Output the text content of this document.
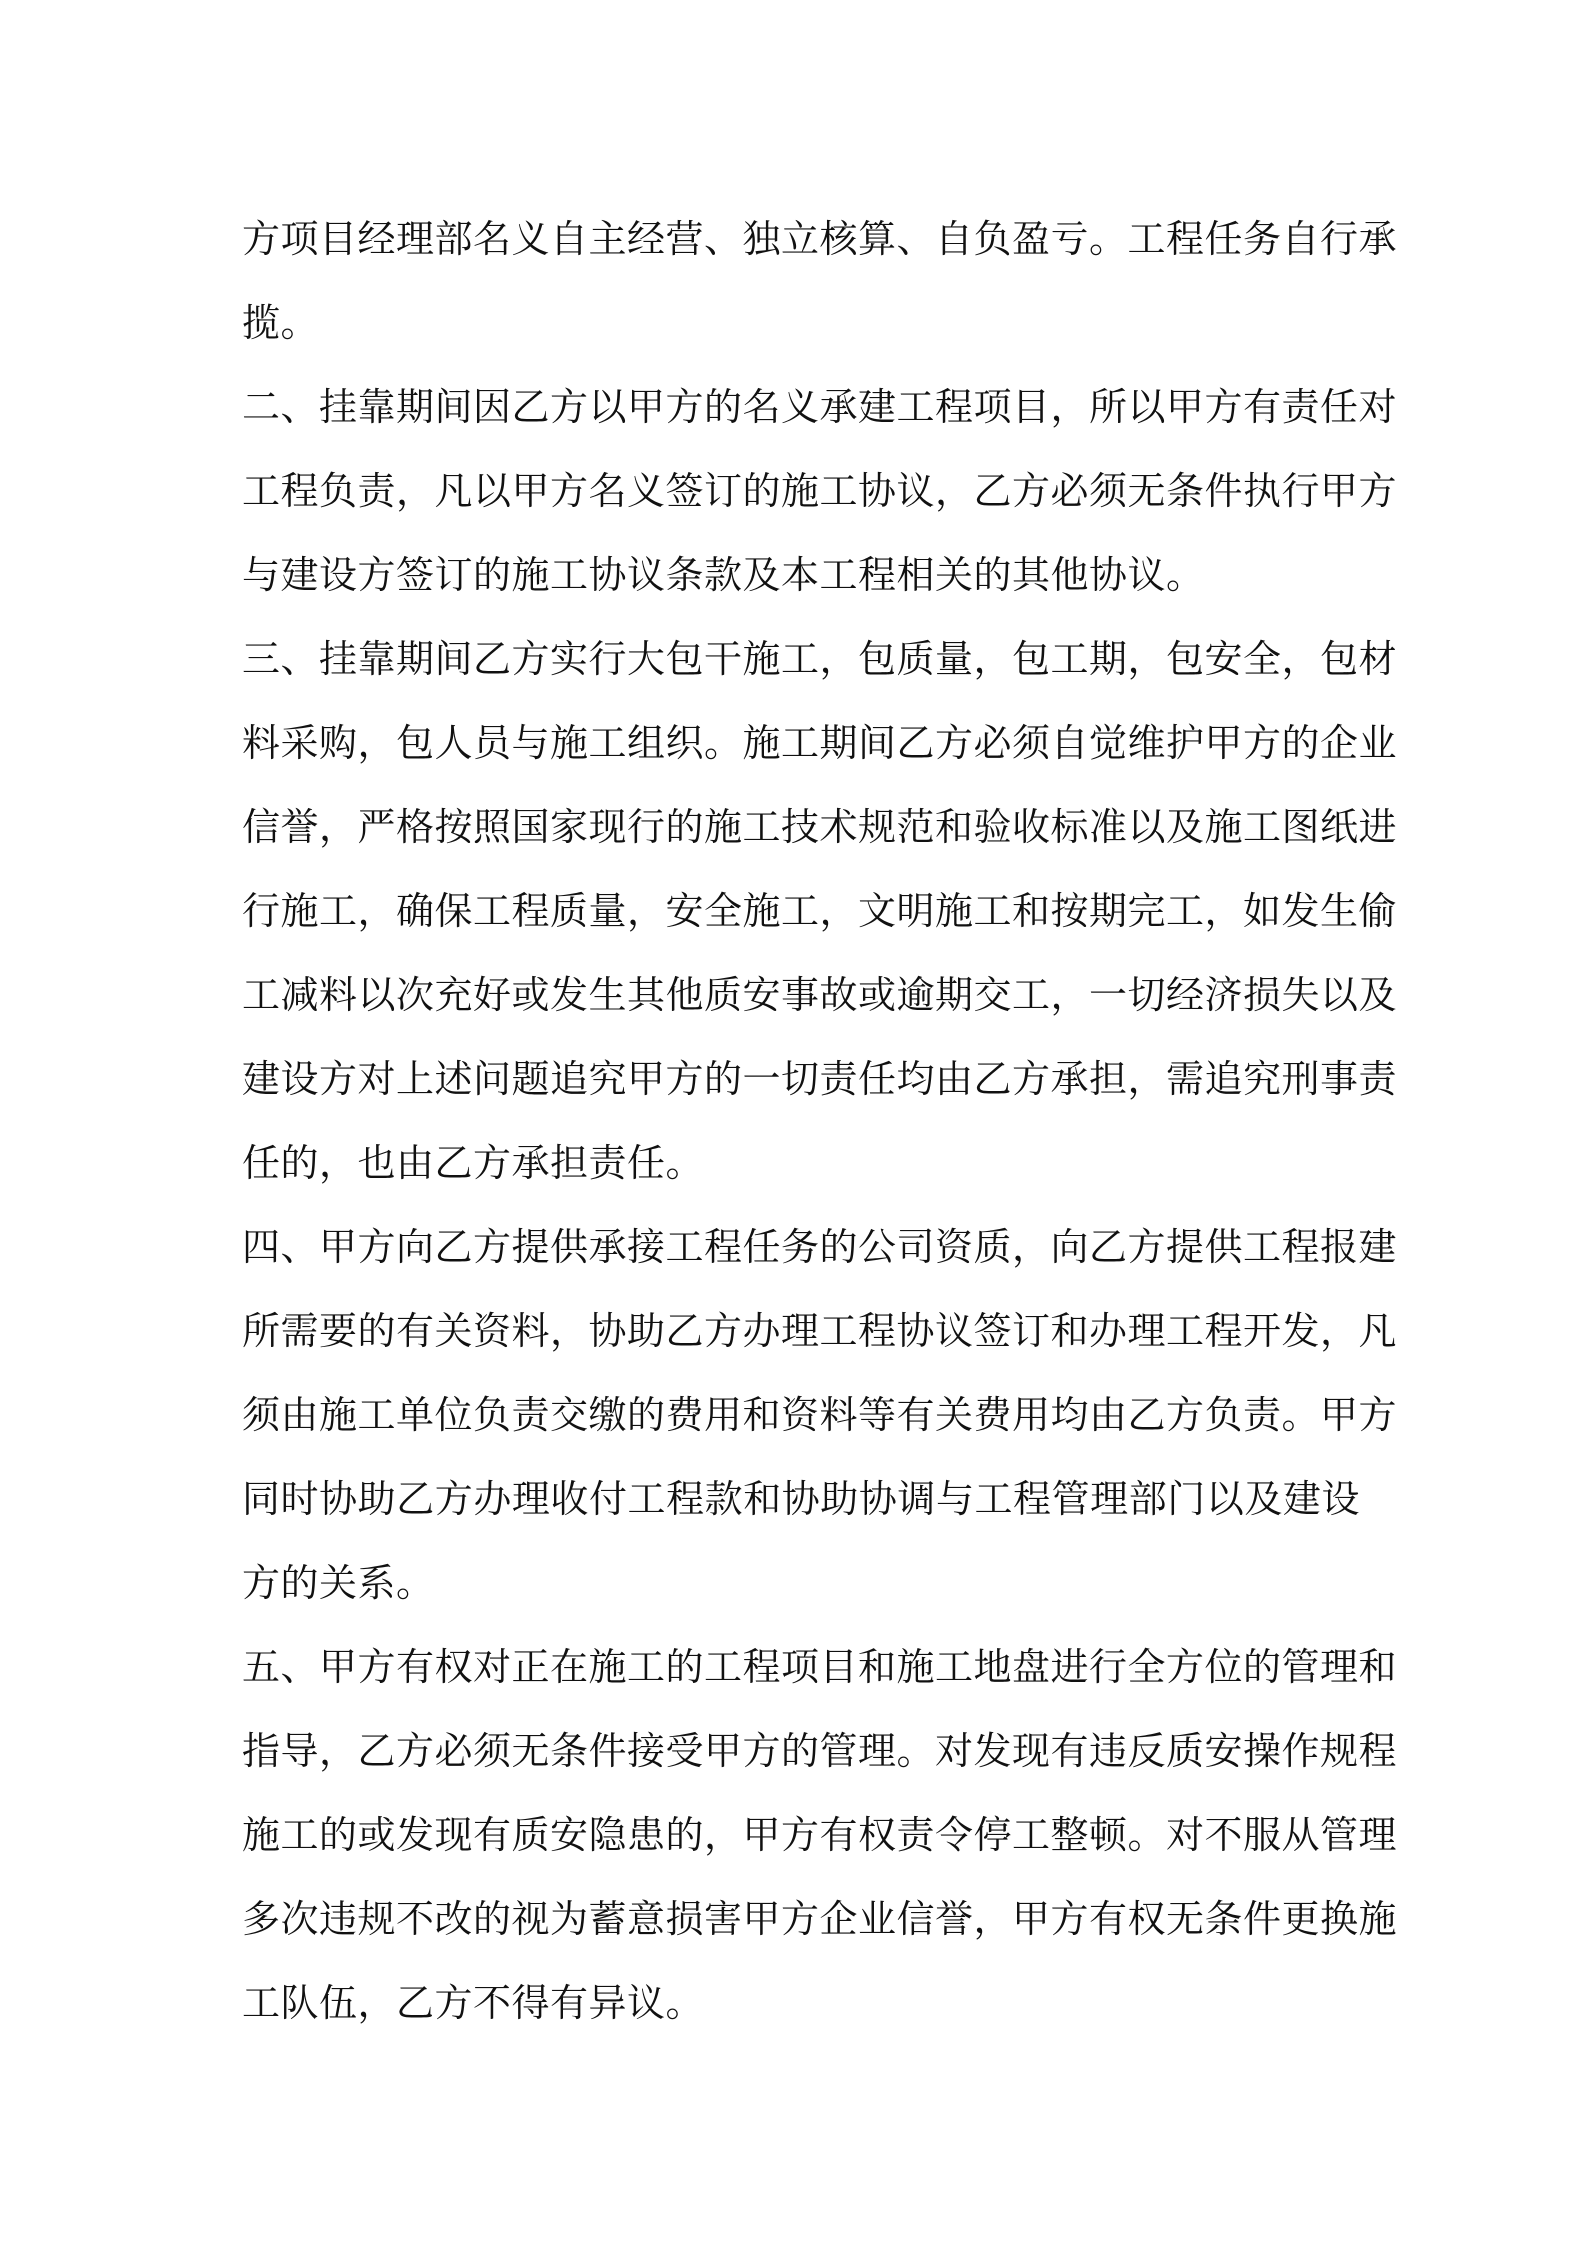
方项目经理部名义自主经营、独立核算、自负盈亏。工程任务自行承
揽。
二、挂靠期间因乙方以甲方的名义承建工程项目，所以甲方有责任对
工程负责，凡以甲方名义签订的施工协议，乙方必须无条件执行甲方
与建设方签订的施工协议条款及本工程相关的其他协议。
三、挂靠期间乙方实行大包干施工，包质量，包工期，包安全，包材
料采购，包人员与施工组织。施工期间乙方必须自觉维护甲方的企业
信誉，严格按照国家现行的施工技术规范和验收标准以及施工图纸进
行施工，确保工程质量，安全施工，文明施工和按期完工，如发生偷
工减料以次充好或发生其他质安事故或逾期交工，一切经济损失以及
建设方对上述问题追究甲方的一切责任均由乙方承担，需追究刑事责
任的，也由乙方承担责任。
四、甲方向乙方提供承接工程任务的公司资质，向乙方提供工程报建
所需要的有关资料，协助乙方办理工程协议签订和办理工程开发，凡
须由施工单位负责交缴的费用和资料等有关费用均由乙方负责。甲方
同时协助乙方办理收付工程款和协助协调与工程管理部门以及建设
方的关系。
五、甲方有权对正在施工的工程项目和施工地盘进行全方位的管理和
指导，乙方必须无条件接受甲方的管理。对发现有违反质安操作规程
施工的或发现有质安隐患的，甲方有权责令停工整顿。对不服从管理
多次违规不改的视为蓄意损害甲方企业信誉，甲方有权无条件更换施
工队伍，乙方不得有异议。
